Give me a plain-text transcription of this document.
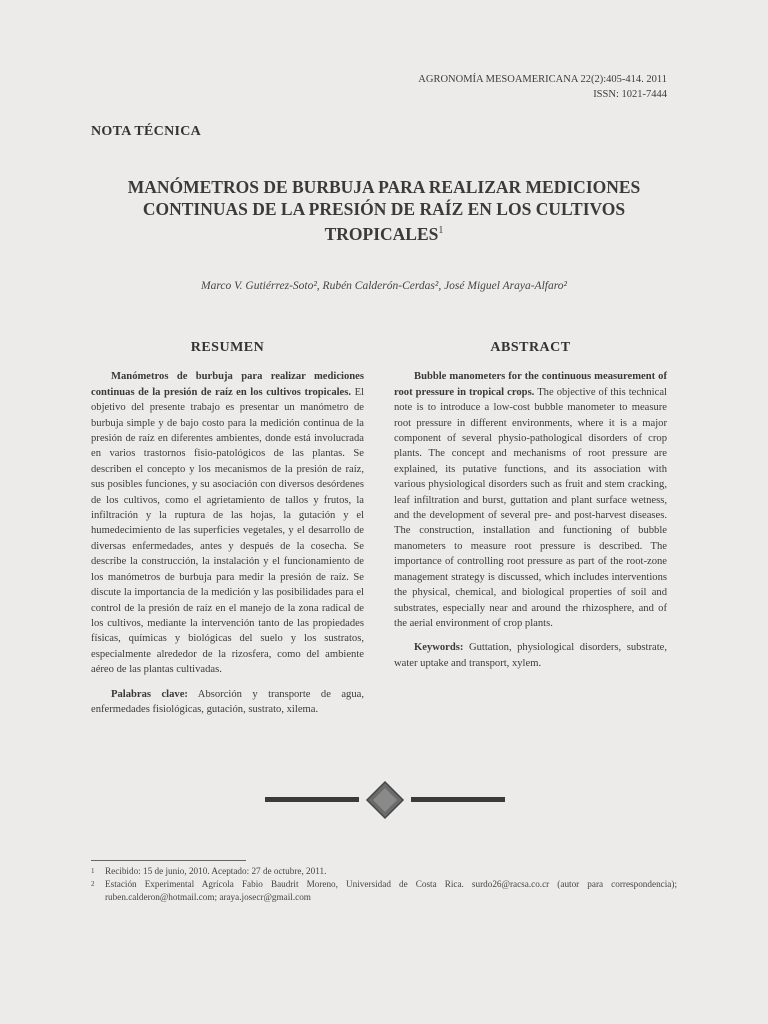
AGRONOMÍA MESOAMERICANA 22(2):405-414. 2011
ISSN: 1021-7444
NOTA TÉCNICA
MANÓMETROS DE BURBUJA PARA REALIZAR MEDICIONES
CONTINUAS DE LA PRESIÓN DE RAÍZ EN LOS CULTIVOS
TROPICALES$^1$
Marco V. Gutiérrez-Soto², Rubén Calderón-Cerdas², José Miguel Araya-Alfaro²
RESUMEN

Manómetros de burbuja para realizar mediciones continuas de la presión de raíz en los cultivos tropicales. El objetivo del presente trabajo es presentar un manómetro de burbuja simple y de bajo costo para la medición continua de la presión de raíz en diferentes ambientes, donde está involucrada en varios trastornos fisio-patológicos de las plantas. Se describen el concepto y los mecanismos de la presión de raíz, sus posibles funciones, y su asociación con diversos desórdenes de los cultivos, como el agrietamiento de tallos y frutos, la infiltración y la ruptura de las hojas, la gutación y el humedecimiento de las superficies vegetales, y el desarrollo de diversas enfermedades, antes y después de la cosecha. Se describe la construcción, la instalación y el funcionamiento de los manómetros de burbuja para medir la presión de raíz. Se discute la importancia de la medición y las posibilidades para el control de la presión de raíz en el manejo de la zona radical de los cultivos, mediante la intervención tanto de las propiedades físicas, químicas y biológicas del suelo y los sustratos, especialmente alrededor de la rizosfera, como del ambiente aéreo de las plantas cultivadas.

Palabras clave: Absorción y transporte de agua, enfermedades fisiológicas, gutación, sustrato, xilema.

ABSTRACT

Bubble manometers for the continuous measurement of root pressure in tropical crops. The objective of this technical note is to introduce a low-cost bubble manometer to measure root pressure in different environments, where it is a major component of several physio-pathological disorders of crop plants. The concept and mechanisms of root pressure are explained, its putative functions, and its association with various physiological disorders such as fruit and stem cracking, leaf infiltration and burst, guttation and plant surface wetness, and the development of several pre- and post-harvest diseases. The construction, installation and functioning of bubble manometers to measure root pressure is described. The importance of controlling root pressure as part of the root-zone management strategy is discussed, which includes interventions the physical, chemical, and biological properties of soil and substrates, especially near and around the rhizosphere, and of the aerial environment of crop plants.

Keywords: Guttation, physiological disorders, substrate, water uptake and transport, xylem.

1	Recibido: 15 de junio, 2010. Aceptado: 27 de octubre, 2011.
2	Estación Experimental Agrícola Fabio Baudrit Moreno, Universidad de Costa Rica. surdo26@racsa.co.cr (autor para correspondencia); ruben.calderon@hotmail.com; araya.josecr@gmail.com
